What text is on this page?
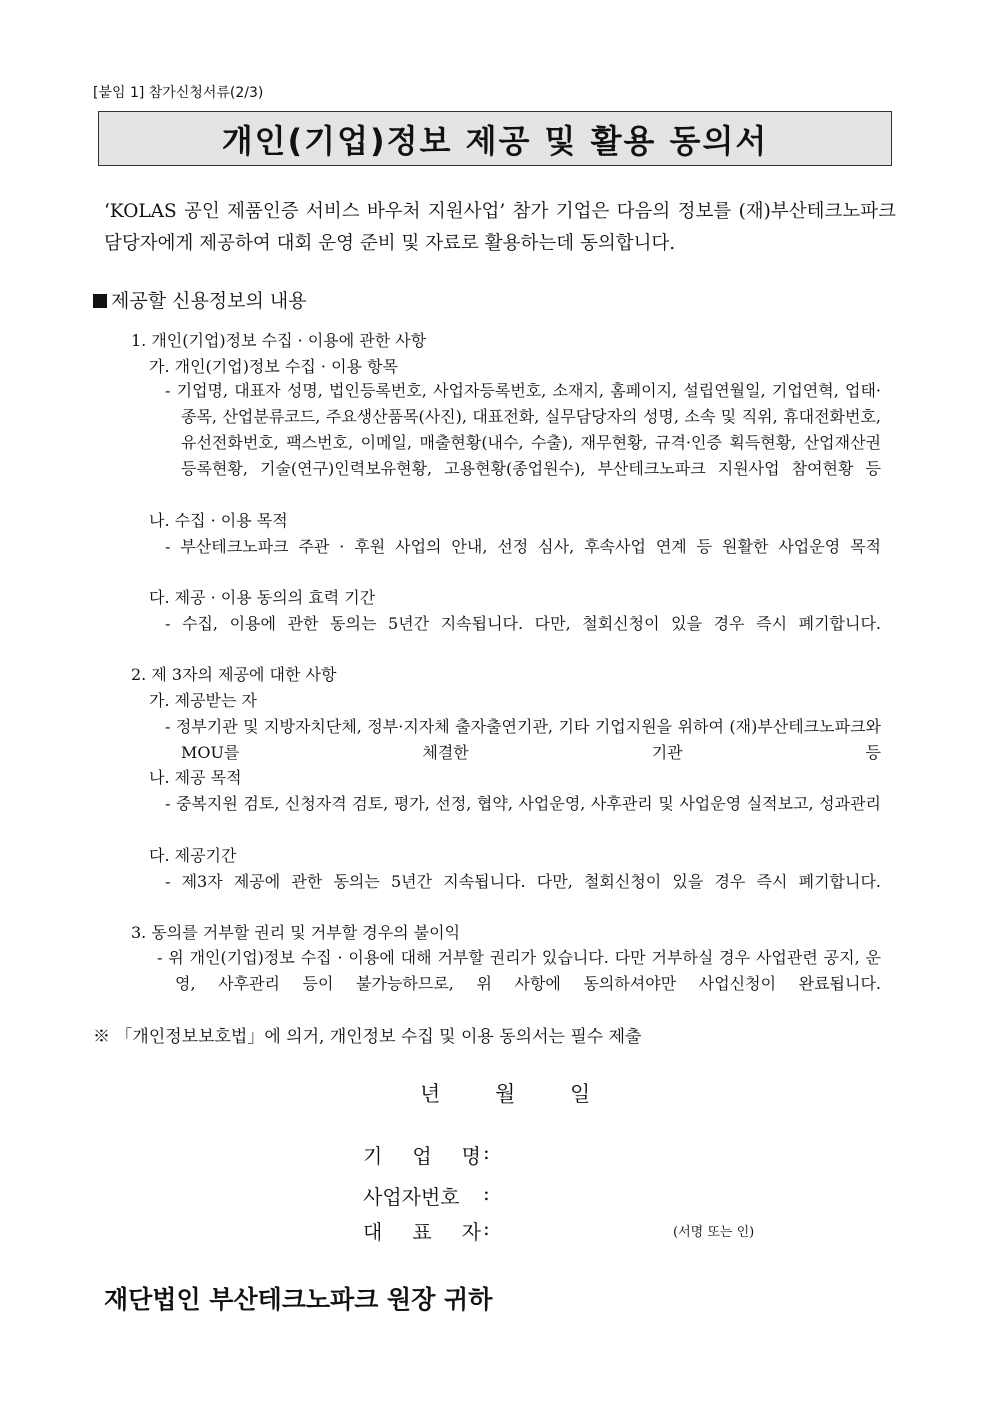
[붙임 1] 참가신청서류(2/3)
개인(기업)정보 제공 및 활용 동의서
‘KOLAS 공인 제품인증 서비스 바우처 지원사업’ 참가 기업은 다음의 정보를 (재)부산테크노파크 담당자에게 제공하여 대회 운영 준비 및 자료로 활용하는데 동의합니다.
제공할 신용정보의 내용
1. 개인(기업)정보 수집 · 이용에 관한 사항
가. 개인(기업)정보 수집 · 이용 항목
- 기업명, 대표자 성명, 법인등록번호, 사업자등록번호, 소재지, 홈페이지, 설립연월일, 기업연혁, 업태·종목, 산업분류코드, 주요생산품목(사진), 대표전화, 실무담당자의 성명, 소속 및 직위, 휴대전화번호, 유선전화번호, 팩스번호, 이메일, 매출현황(내수, 수출), 재무현황, 규격·인증 획득현황, 산업재산권 등록현황, 기술(연구)인력보유현황, 고용현황(종업원수), 부산테크노파크 지원사업 참여현황 등
나. 수집 · 이용 목적
- 부산테크노파크 주관 · 후원 사업의 안내, 선정 심사, 후속사업 연계 등 원활한 사업운영 목적
다. 제공 · 이용 동의의 효력 기간
- 수집, 이용에 관한 동의는 5년간 지속됩니다. 다만, 철회신청이 있을 경우 즉시 폐기합니다.
2. 제 3자의 제공에 대한 사항
가. 제공받는 자
- 정부기관 및 지방자치단체, 정부·지자체 출자출연기관, 기타 기업지원을 위하여 (재)부산테크노파크와 MOU를 체결한 기관 등
나. 제공 목적
- 중복지원 검토, 신청자격 검토, 평가, 선정, 협약, 사업운영, 사후관리 및 사업운영 실적보고, 성과관리
다. 제공기간
- 제3자 제공에 관한 동의는 5년간 지속됩니다. 다만, 철회신청이 있을 경우 즉시 폐기합니다.
3. 동의를 거부할 권리 및 거부할 경우의 불이익
- 위 개인(기업)정보 수집 · 이용에 대해 거부할 권리가 있습니다. 다만 거부하실 경우 사업관련 공지, 운영, 사후관리 등이 불가능하므로, 위 사항에 동의하셔야만 사업신청이 완료됩니다.
※ 「개인정보보호법」에 의거, 개인정보 수집 및 이용 동의서는 필수 제출
년	월	일
기 업 명 :
사업자번호	:
대 표 자 :	(서명 또는 인)
재단법인 부산테크노파크 원장 귀하
